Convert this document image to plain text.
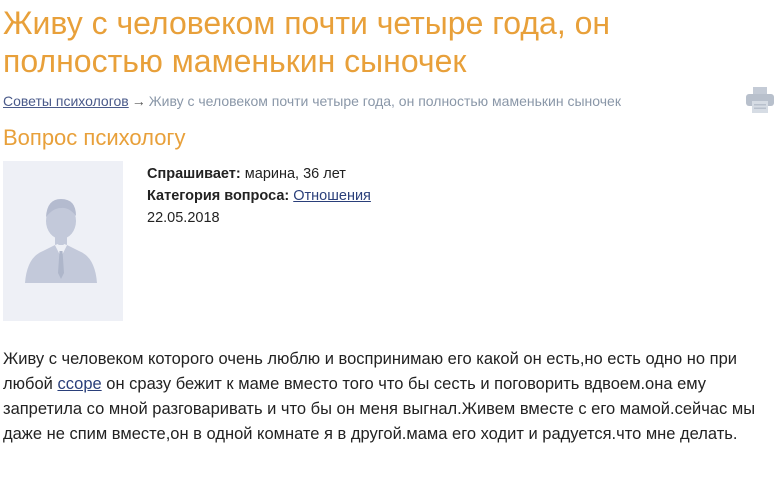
Живу с человеком почти четыре года, он полностью маменькин сыночек
Советы психологов → Живу с человеком почти четыре года, он полностью маменькин сыночек
Вопрос психологу
Спрашивает: марина, 36 лет
Категория вопроса: Отношения
22.05.2018
Живу с человеком которого очень люблю и воспринимаю его какой он есть,но есть одно но при любой ссоре он сразу бежит к маме вместо того что бы сесть и поговорить вдвоем.она ему запретила со мной разговаривать и что бы он меня выгнал.Живем вместе с его мамой.сейчас мы даже не спим вместе,он в одной комнате я в другой.мама его ходит и радуется.что мне делать.
